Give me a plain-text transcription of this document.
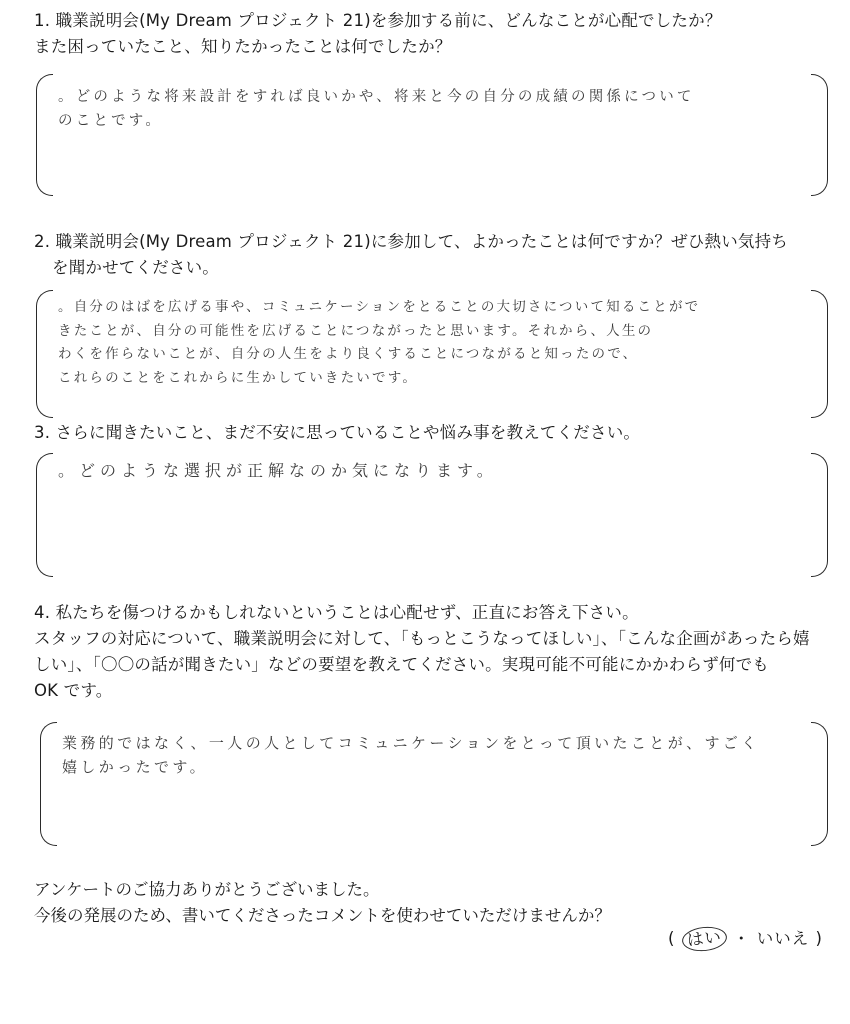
1. 職業説明会(My Dream プロジェクト 21)を参加する前に、どんなことが心配でしたか？
また困っていたこと、知りたかったことは何でしたか？
。どのような将来設計をすれば良いかや、将来と今の自分の成績の関係について
のことです。
2. 職業説明会(My Dream プロジェクト 21)に参加して、よかったことは何ですか？ぜひ熱い気持ち
を聞かせてください。
。自分のはばを広げる事や、コミュニケーションをとることの大切さについて知ることがで
きたことが、自分の可能性を広げることにつながったと思います。それから、人生の
わくを作らないことが、自分の人生をより良くすることにつながると知ったので、
これらのことをこれからに生かしていきたいです。
3. さらに聞きたいこと、まだ不安に思っていることや悩み事を教えてください。
。どのような選択が正解なのか気になります。
4. 私たちを傷つけるかもしれないということは心配せず、正直にお答え下さい。
スタッフの対応について、職業説明会に対して、「もっとこうなってほしい」、「こんな企画があったら嬉
しい」、「〇〇の話が聞きたい」などの要望を教えてください。実現可能不可能にかかわらず何でも
OK です。
業務的ではなく、一人の人としてコミュニケーションをとって頂いたことが、すごく
嬉しかったです。
アンケートのご協力ありがとうございました。
今後の発展のため、書いてくださったコメントを使わせていただけませんか？
( はい ・ いいえ )
